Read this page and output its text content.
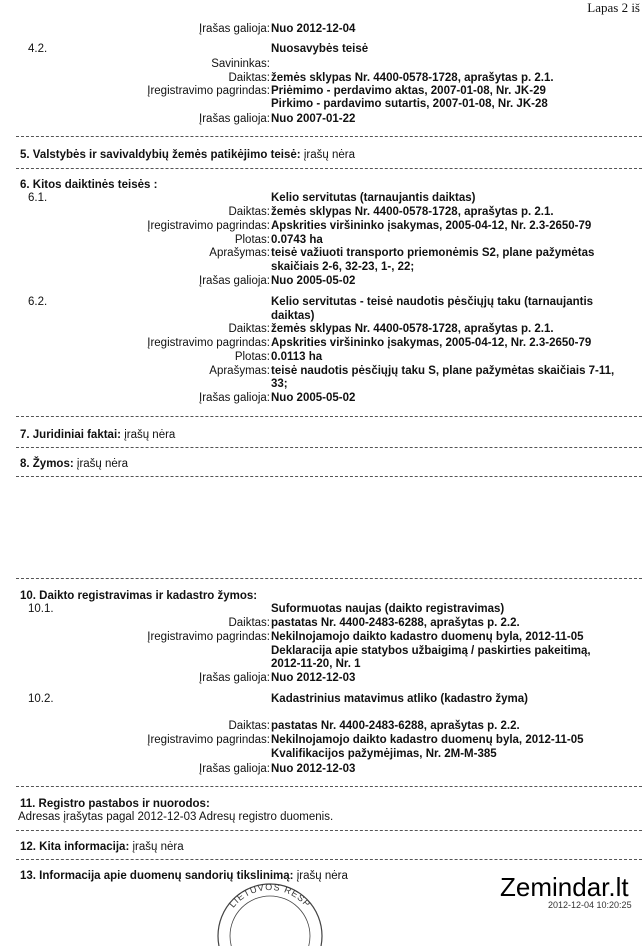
Lapas 2 iš
Įrašas galioja: Nuo 2012-12-04
4.2.	Nuosavybės teisė
Savininkas:
Daiktas: žemės sklypas Nr. 4400-0578-1728, aprašytas p. 2.1.
Įregistravimo pagrindas: Priėmimo - perdavimo aktas, 2007-01-08, Nr. JK-29
Pirkimo - pardavimo sutartis, 2007-01-08, Nr. JK-28
Įrašas galioja: Nuo 2007-01-22
5. Valstybės ir savivaldybių žemės patikėjimo teisė: įrašų nėra
6. Kitos daiktinės teisės :
6.1.	Kelio servitutas (tarnaujantis daiktas)
Daiktas: žemės sklypas Nr. 4400-0578-1728, aprašytas p. 2.1.
Įregistravimo pagrindas: Apskrities viršininko įsakymas, 2005-04-12, Nr. 2.3-2650-79
Plotas: 0.0743 ha
Aprašymas: teisė važiuoti transporto priemonėmis S2, plane pažymėtas
skaičiais 2-6, 32-23, 1-, 22;
Įrašas galioja: Nuo 2005-05-02
6.2.	Kelio servitutas - teisė naudotis pėsčiųjų taku (tarnaujantis
daiktas)
Daiktas: žemės sklypas Nr. 4400-0578-1728, aprašytas p. 2.1.
Įregistravimo pagrindas: Apskrities viršininko įsakymas, 2005-04-12, Nr. 2.3-2650-79
Plotas: 0.0113 ha
Aprašymas: teisė naudotis pėsčiųjų taku S, plane pažymėtas skaičiais 7-11,
33;
Įrašas galioja: Nuo 2005-05-02
7. Juridiniai faktai: įrašų nėra
8. Žymos: įrašų nėra
10. Daikto registravimas ir kadastro žymos:
10.1.	Suformuotas naujas (daikto registravimas)
Daiktas: pastatas Nr. 4400-2483-6288, aprašytas p. 2.2.
Įregistravimo pagrindas: Nekilnojamojo daikto kadastro duomenų byla, 2012-11-05
Deklaracija apie statybos užbaigimą / paskirties pakeitimą,
2012-11-20, Nr. 1
Įrašas galioja: Nuo 2012-12-03
10.2.	Kadastrinius matavimus atliko (kadastro žyma)
Daiktas: pastatas Nr. 4400-2483-6288, aprašytas p. 2.2.
Įregistravimo pagrindas: Nekilnojamojo daikto kadastro duomenų byla, 2012-11-05
Kvalifikacijos pažymėjimas, Nr. 2M-M-385
Įrašas galioja: Nuo 2012-12-03
11. Registro pastabos ir nuorodos:
Adresas įrašytas pagal 2012-12-03 Adresų registro duomenis.
12. Kita informacija: įrašų nėra
13. Informacija apie duomenų sandorių tikslinimą: įrašų nėra
LIETUVOS RESP
Zemindar.lt
2012-12-04 10:20:25
